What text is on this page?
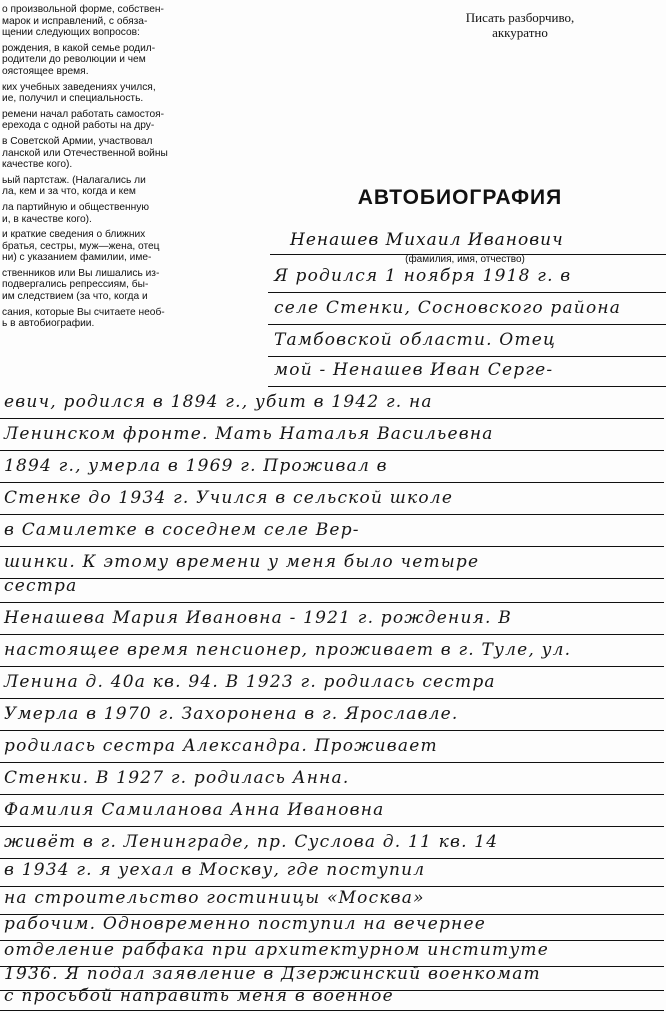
о произвольной форме, собствен-
марок и исправлений, с обяза-
щении следующих вопросов:
рождения, в какой семье родил-
родители до революции и чем
оястоящее время.
ких учебных заведениях учился,
ие, получил и специальность.
ремени начал работать самостоя-
ерехода с одной работы на дру-
в Советской Армии, участвовал
ланской или Отечественной войны
качестве кого).
ьый партстаж. (Налагались ли
ла, кем и за что, когда и кем
ла партийную и общественную
и, в качестве кого).
и краткие сведения о ближних
братья, сестры, муж—жена, отец
ни) с указанием фамилии, име-
ственников или Вы лишались из-
подвергались репрессиям, бы-
им следствием (за что, когда и
сания, которые Вы считаете необ-
ь в автобиографии.
Писать разборчиво,
аккуратно
АВТОБИОГРАФИЯ
Ненашев Михаил Иванович
(фамилия, имя, отчество)
Я родился 1 ноября 1918 г. в
селе Стенки, Сосновского района
Тамбовской области. Отец
мой - Ненашев Иван Серге-
евич, родился в 1894 г., убит в 1942 г. на
Ленинском фронте. Мать Наталья Васильевна
1894 г., умерла в 1969 г. Проживал в
Стенке до 1934 г. Учился в сельской школе
в Самилетке в соседнем селе Вер-
шинки. К этому времени у меня было четыре
сестра
Ненашева Мария Ивановна - 1921 г. рождения. В
настоящее время пенсионер, проживает в г. Туле, ул.
Ленина д. 40а кв. 94. В 1923 г. родилась сестра
Умерла в 1970 г. Захоронена в г. Ярославле.
родилась сестра Александра. Проживает
Стенки. В 1927 г. родилась Анна.
Фамилия Самиланова Анна Ивановна
живёт в г. Ленинграде, пр. Суслова д. 11 кв. 14
в 1934 г. я уехал в Москву, где поступил
на строительство гостиницы «Москва»
рабочим. Одновременно поступил на вечернее
отделение рабфака при архитектурном институте
1936. Я подал заявление в Дзержинский военкомат
с просьбой направить меня в военное
